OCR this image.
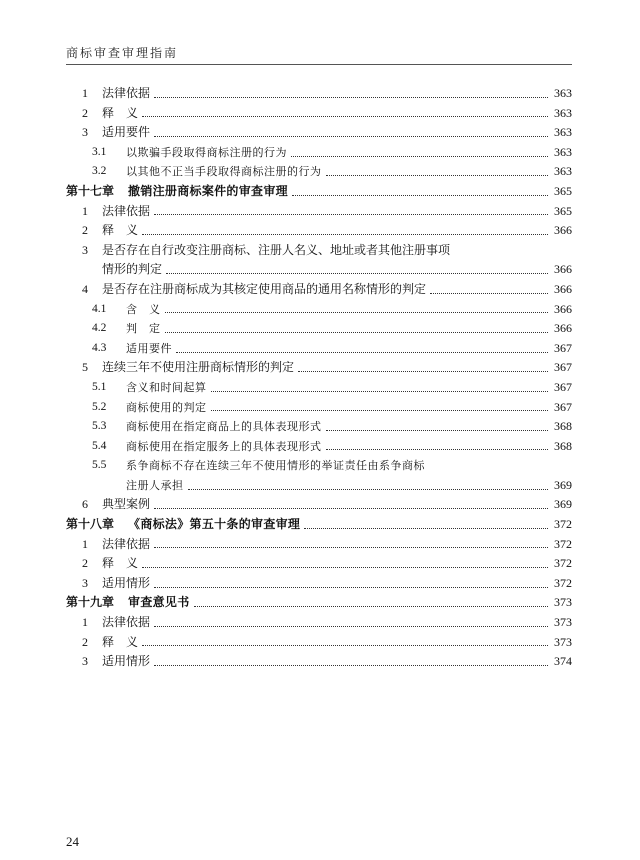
商标审查审理指南
1	法律依据	363
2	释　义	363
3	适用要件	363
3.1	以欺骗手段取得商标注册的行为	363
3.2	以其他不正当手段取得商标注册的行为	363
第十七章 撤销注册商标案件的审查审理	365
1	法律依据	365
2	释　义	366
3	是否存在自行改变注册商标、注册人名义、地址或者其他注册事项
情形的判定	366
4	是否存在注册商标成为其核定使用商品的通用名称情形的判定	366
4.1	含　义	366
4.2	判　定	366
4.3	适用要件	367
5	连续三年不使用注册商标情形的判定	367
5.1	含义和时间起算	367
5.2	商标使用的判定	367
5.3	商标使用在指定商品上的具体表现形式	368
5.4	商标使用在指定服务上的具体表现形式	368
5.5	系争商标不存在连续三年不使用情形的举证责任由系争商标
注册人承担	369
6	典型案例	369
第十八章 《商标法》第五十条的审查审理	372
1	法律依据	372
2	释　义	372
3	适用情形	372
第十九章 审查意见书	373
1	法律依据	373
2	释　义	373
3	适用情形	374
24
